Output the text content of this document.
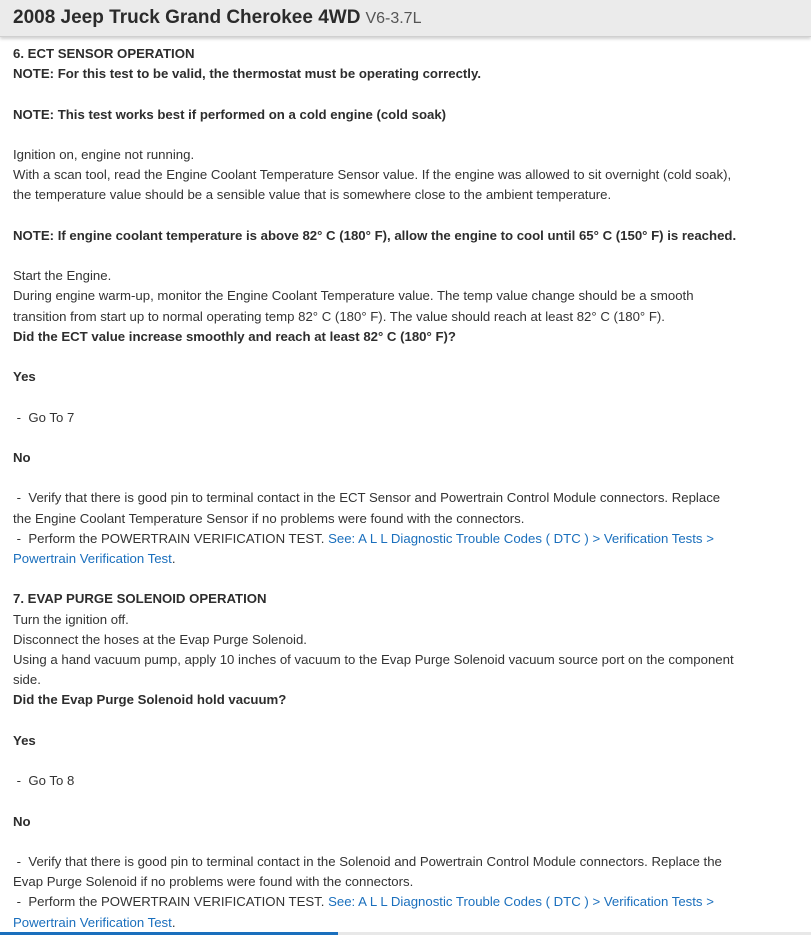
2008 Jeep Truck Grand Cherokee 4WD V6-3.7L
6. ECT SENSOR OPERATION
NOTE: For this test to be valid, the thermostat must be operating correctly.
NOTE: This test works best if performed on a cold engine (cold soak)
Ignition on, engine not running.
With a scan tool, read the Engine Coolant Temperature Sensor value. If the engine was allowed to sit overnight (cold soak),
the temperature value should be a sensible value that is somewhere close to the ambient temperature.
NOTE: If engine coolant temperature is above 82° C (180° F), allow the engine to cool until 65° C (150° F) is reached.
Start the Engine.
During engine warm-up, monitor the Engine Coolant Temperature value. The temp value change should be a smooth
transition from start up to normal operating temp 82° C (180° F). The value should reach at least 82° C (180° F).
Did the ECT value increase smoothly and reach at least 82° C (180° F)?
Yes
-  Go To 7
No
-  Verify that there is good pin to terminal contact in the ECT Sensor and Powertrain Control Module connectors. Replace
the Engine Coolant Temperature Sensor if no problems were found with the connectors.
-  Perform the POWERTRAIN VERIFICATION TEST. See: A L L Diagnostic Trouble Codes ( DTC ) > Verification Tests >
Powertrain Verification Test.
7. EVAP PURGE SOLENOID OPERATION
Turn the ignition off.
Disconnect the hoses at the Evap Purge Solenoid.
Using a hand vacuum pump, apply 10 inches of vacuum to the Evap Purge Solenoid vacuum source port on the component
side.
Did the Evap Purge Solenoid hold vacuum?
Yes
-  Go To 8
No
-  Verify that there is good pin to terminal contact in the Solenoid and Powertrain Control Module connectors. Replace the
Evap Purge Solenoid if no problems were found with the connectors.
-  Perform the POWERTRAIN VERIFICATION TEST. See: A L L Diagnostic Trouble Codes ( DTC ) > Verification Tests >
Powertrain Verification Test.
